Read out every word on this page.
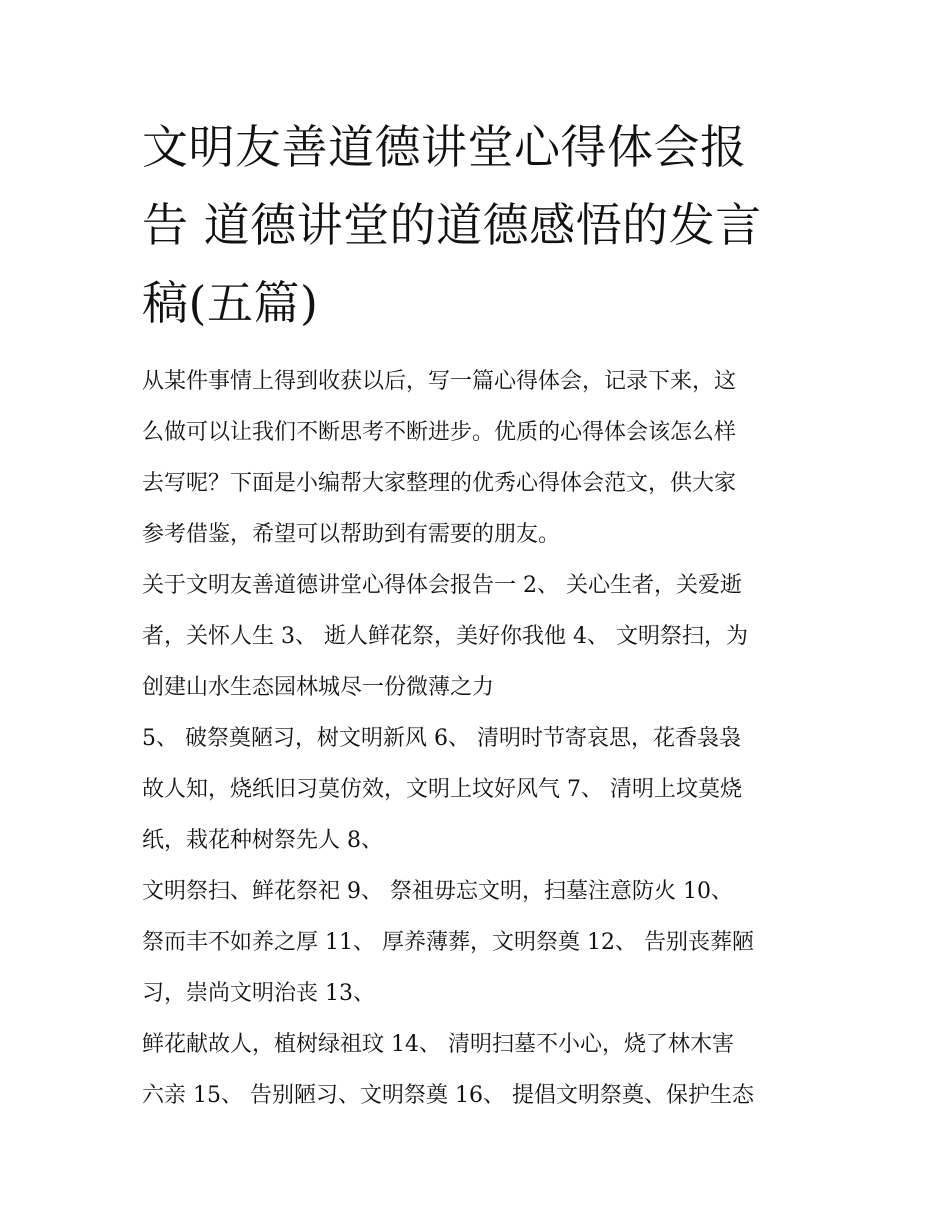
文明友善道德讲堂心得体会报
告 道德讲堂的道德感悟的发言
稿(五篇)

从某件事情上得到收获以后，写一篇心得体会，记录下来，这
么做可以让我们不断思考不断进步。优质的心得体会该怎么样
去写呢？下面是小编帮大家整理的优秀心得体会范文，供大家
参考借鉴，希望可以帮助到有需要的朋友。

关于文明友善道德讲堂心得体会报告一 2、 关心生者，关爱逝
者，关怀人生 3、 逝人鲜花祭，美好你我他 4、 文明祭扫，为
创建山水生态园林城尽一份微薄之力

5、 破祭奠陋习，树文明新风 6、 清明时节寄哀思，花香袅袅
故人知，烧纸旧习莫仿效，文明上坟好风气 7、 清明上坟莫烧
纸，栽花种树祭先人 8、

文明祭扫、鲜花祭祀 9、 祭祖毋忘文明，扫墓注意防火 10、
祭而丰不如养之厚 11、 厚养薄葬，文明祭奠 12、 告别丧葬陋
习，崇尚文明治丧 13、

鲜花献故人，植树绿祖玟 14、 清明扫墓不小心，烧了林木害
六亲 15、 告别陋习、文明祭奠 16、 提倡文明祭奠、保护生态
